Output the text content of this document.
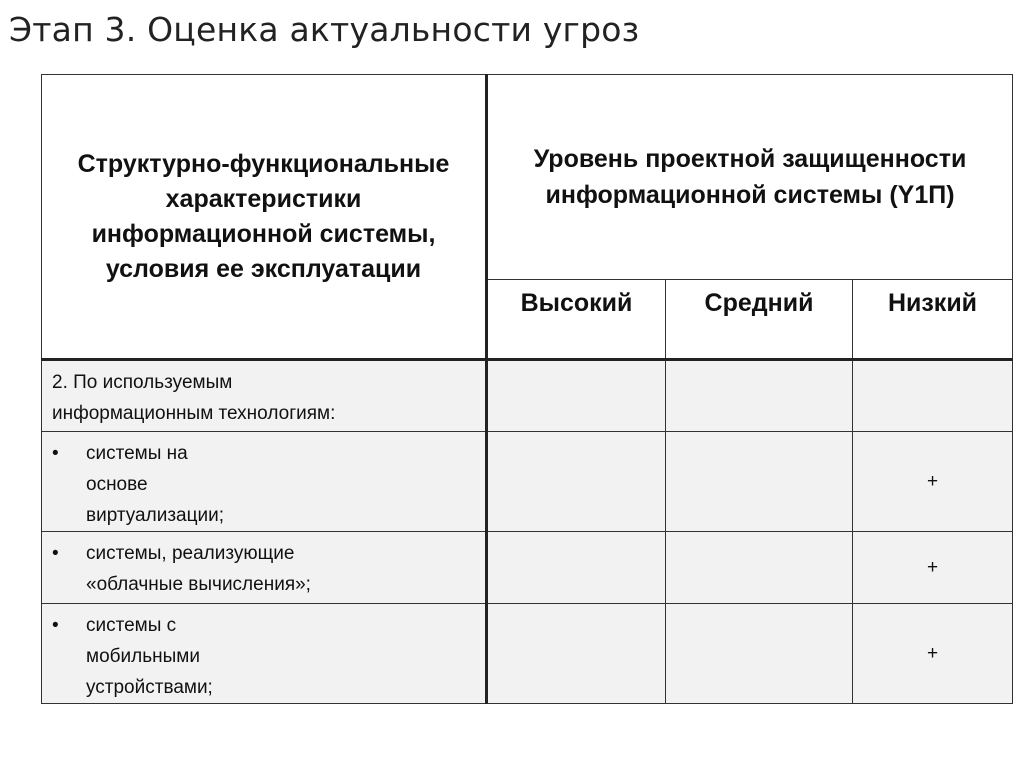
Этап 3. Оценка актуальности угроз
Структурно-функциональные характеристики информационной системы, условия ее эксплуатации	Уровень проектной защищенности информационной системы (Y1П)		
	Высокий	Средний	Низкий

2. По используемым
информационным технологиям:			

• системы на
основе
виртуализации;			+

• системы, реализующие
«облачные вычисления»;			+

• системы с
мобильными
устройствами;			+
